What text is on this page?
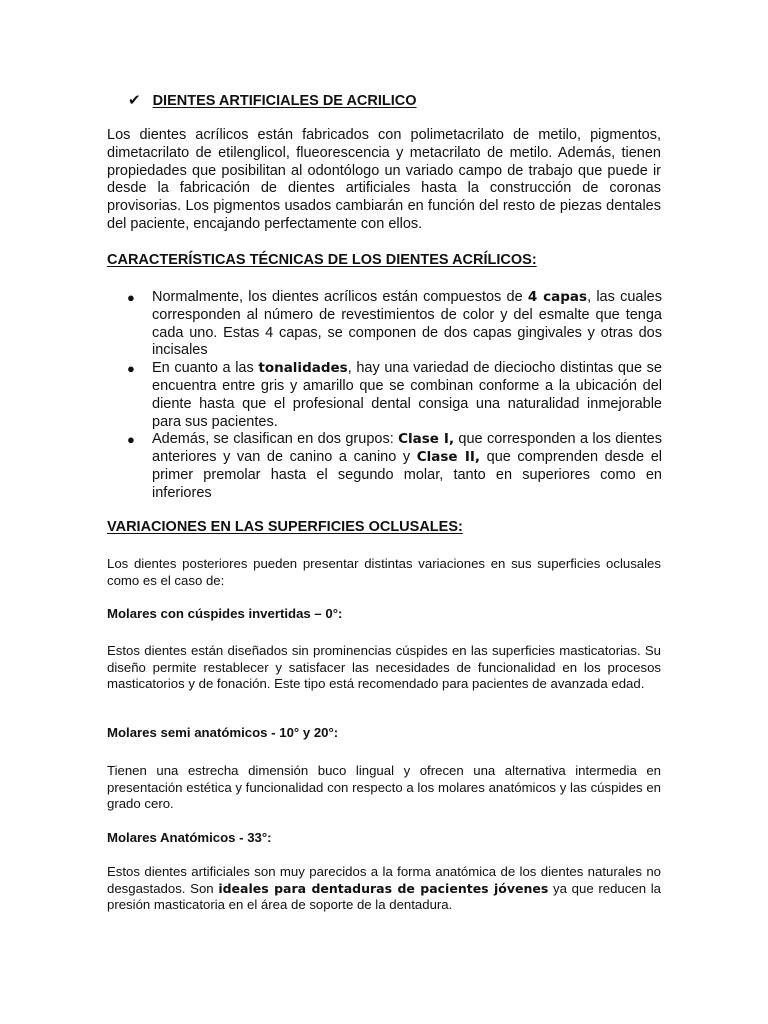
✔ DIENTES ARTIFICIALES DE ACRILICO

Los dientes acrílicos están fabricados con polimetacrilato de metilo, pigmentos, dimetacrilato de etilenglicol, flueorescencia y metacrilato de metilo. Además, tienen propiedades que posibilitan al odontólogo un variado campo de trabajo que puede ir desde la fabricación de dientes artificiales hasta la construcción de coronas provisorias. Los pigmentos usados cambiarán en función del resto de piezas dentales del paciente, encajando perfectamente con ellos.

CARACTERÍSTICAS TÉCNICAS DE LOS DIENTES ACRÍLICOS:
● Normalmente, los dientes acrílicos están compuestos de 4 capas, las cuales corresponden al número de revestimientos de color y del esmalte que tenga cada uno. Estas 4 capas, se componen de dos capas gingivales y otras dos incisales
● En cuanto a las tonalidades, hay una variedad de dieciocho distintas que se encuentra entre gris y amarillo que se combinan conforme a la ubicación del diente hasta que el profesional dental consiga una naturalidad inmejorable para sus pacientes.
● Además, se clasifican en dos grupos: Clase I, que corresponden a los dientes anteriores y van de canino a canino y Clase II, que comprenden desde el primer premolar hasta el segundo molar, tanto en superiores como en inferiores
VARIACIONES EN LAS SUPERFICIES OCLUSALES:

Los dientes posteriores pueden presentar distintas variaciones en sus superficies oclusales como es el caso de:

Molares con cúspides invertidas – 0°:

Estos dientes están diseñados sin prominencias cúspides en las superficies masticatorias. Su diseño permite restablecer y satisfacer las necesidades de funcionalidad en los procesos masticatorios y de fonación. Este tipo está recomendado para pacientes de avanzada edad.

Molares semi anatómicos - 10° y 20°:

Tienen una estrecha dimensión buco lingual y ofrecen una alternativa intermedia en presentación estética y funcionalidad con respecto a los molares anatómicos y las cúspides en grado cero.

Molares Anatómicos - 33°:

Estos dientes artificiales son muy parecidos a la forma anatómica de los dientes naturales no desgastados. Son ideales para dentaduras de pacientes jóvenes ya que reducen la presión masticatoria en el área de soporte de la dentadura.
